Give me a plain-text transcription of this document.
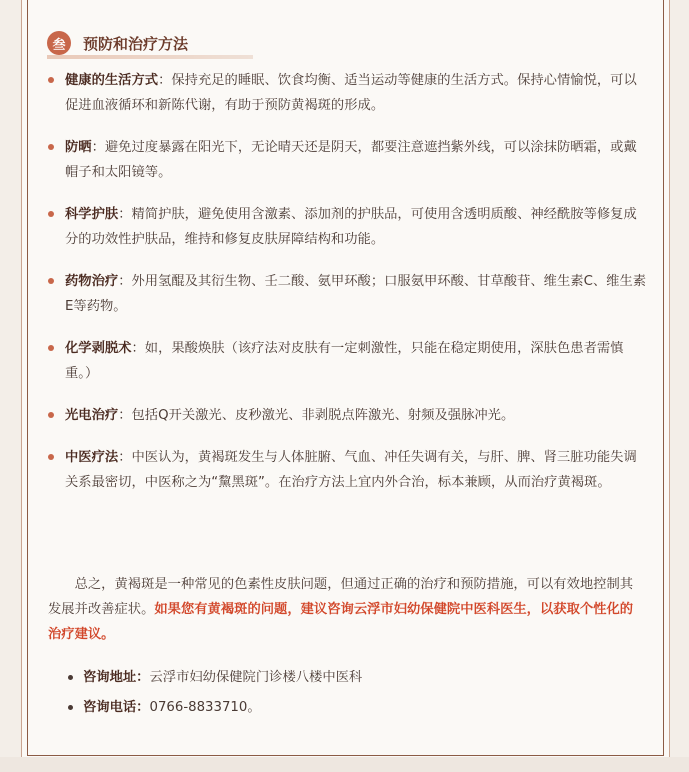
叁	预防和治疗方法
健康的生活方式：保持充足的睡眠、饮食均衡、适当运动等健康的生活方式。保持心情愉悦，可以促进血液循环和新陈代谢，有助于预防黄褐斑的形成。
防晒：避免过度暴露在阳光下，无论晴天还是阴天，都要注意遮挡紫外线，可以涂抹防晒霜，或戴帽子和太阳镜等。
科学护肤：精简护肤，避免使用含激素、添加剂的护肤品，可使用含透明质酸、神经酰胺等修复成分的功效性护肤品，维持和修复皮肤屏障结构和功能。
药物治疗：外用氢醌及其衍生物、壬二酸、氨甲环酸；口服氨甲环酸、甘草酸苷、维生素C、维生素E等药物。
化学剥脱术：如，果酸焕肤（该疗法对皮肤有一定刺激性，只能在稳定期使用，深肤色患者需慎重。）
光电治疗：包括Q开关激光、皮秒激光、非剥脱点阵激光、射频及强脉冲光。
中医疗法：中医认为，黄褐斑发生与人体脏腑、气血、冲任失调有关，与肝、脾、肾三脏功能失调关系最密切，中医称之为“黧黑斑”。在治疗方法上宜内外合治，标本兼顾，从而治疗黄褐斑。
总之，黄褐斑是一种常见的色素性皮肤问题，但通过正确的治疗和预防措施，可以有效地控制其发展并改善症状。如果您有黄褐斑的问题，建议咨询云浮市妇幼保健院中医科医生，以获取个性化的治疗建议。
咨询地址：云浮市妇幼保健院门诊楼八楼中医科
咨询电话：0766-8833710。
